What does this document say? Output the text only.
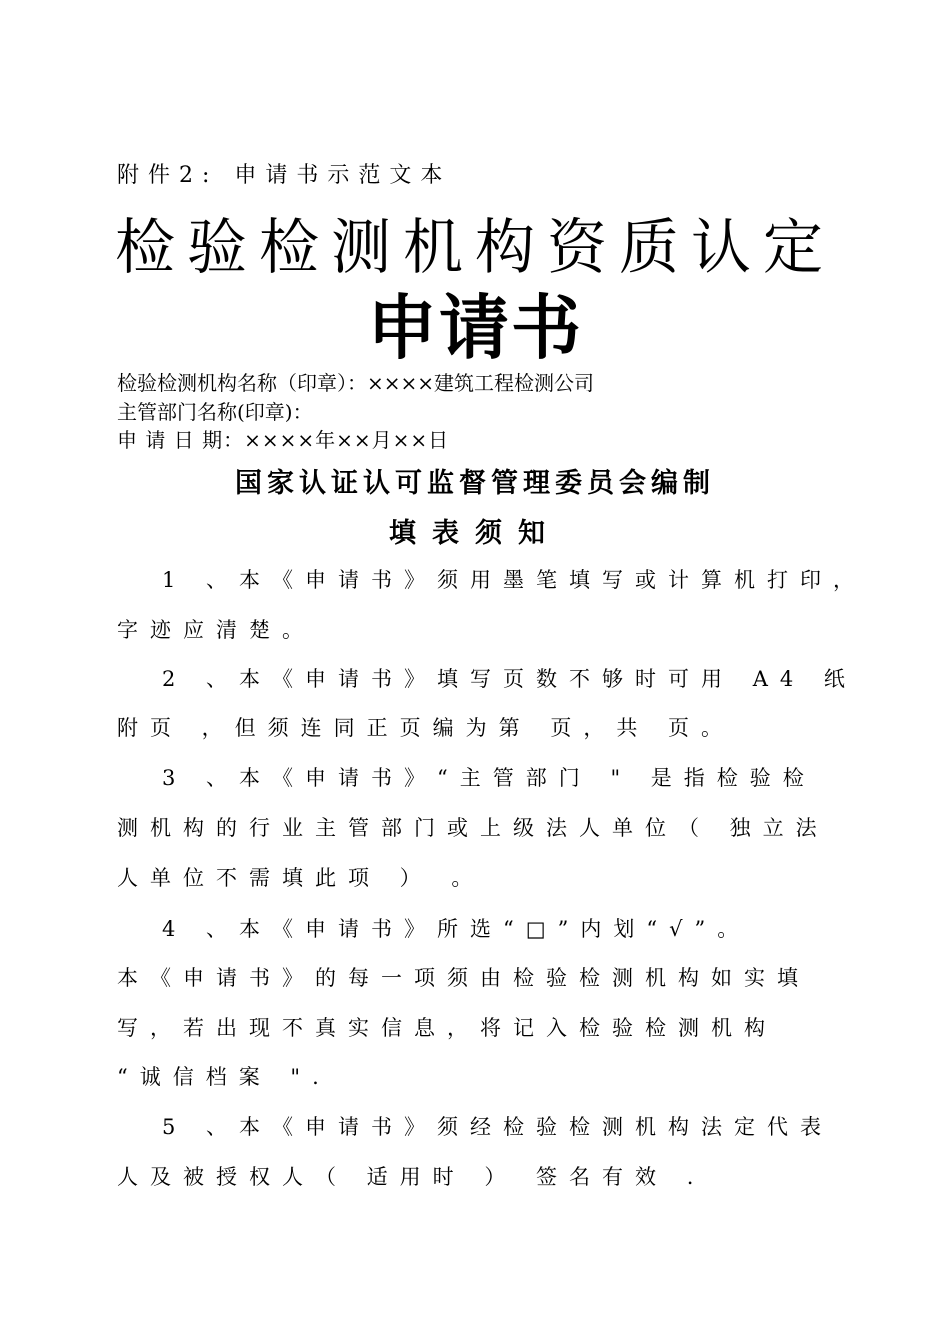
附件2: 申请书示范文本
检验检测机构资质认定
申请书
检验检测机构名称（印章）：××××建筑工程检测公司
主管部门名称(印章)：
申 请 日 期：××××年××月××日
国家认证认可监督管理委员会编制
填表须知
1 、本《申请书》须用墨笔填写或计算机打印，
字迹应清楚。
2 、本《申请书》填写页数不够时可用 A4 纸
附页 ，但须连同正页编为第 页，共 页。
3 、本《申请书》“主管部门 " 是指检验检
测机构的行业主管部门或上级法人单位（ 独立法
人单位不需填此项 ） 。
4 、本《申请书》所选“□”内划“√”。
本《申请书》的每一项须由检验检测机构如实填
写，若出现不真实信息，将记入检验检测机构
“诚信档案 ".
5 、本《申请书》须经检验检测机构法定代表
人及被授权人（ 适用时 ） 签名有效 .
